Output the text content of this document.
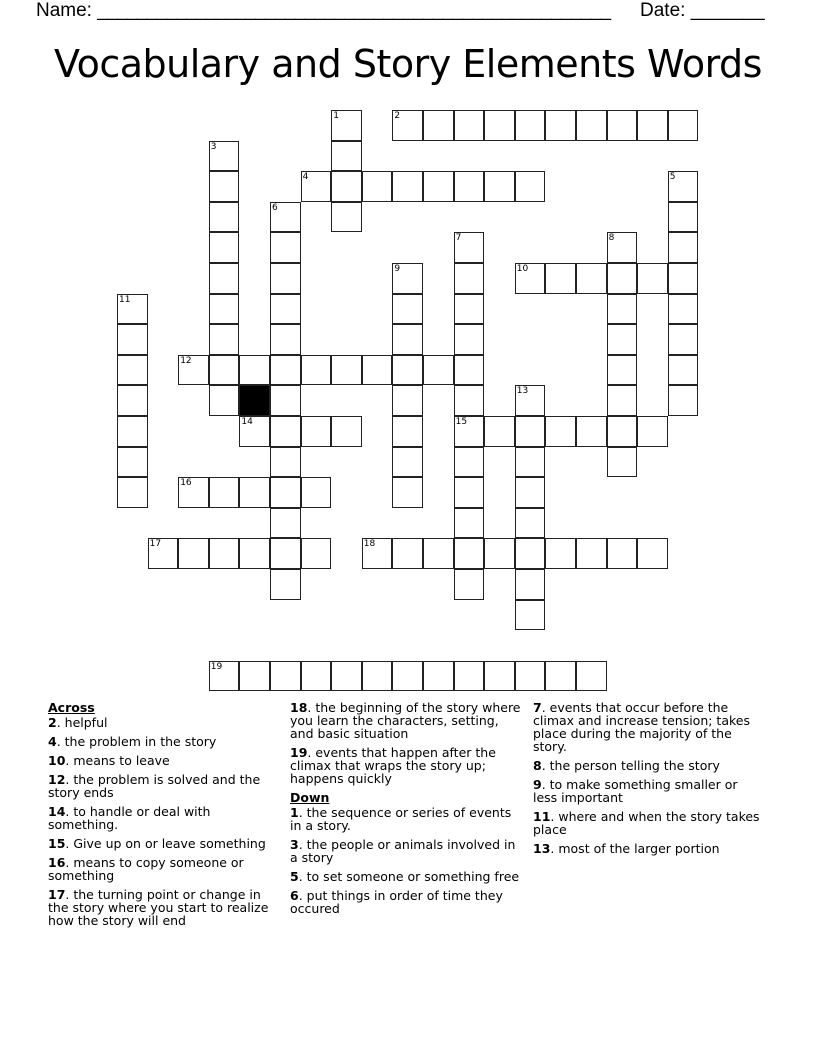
Name: ____________________________________________________ Date: _______
Vocabulary and Story Elements Words
1	2
3
4	5
6
7
15
8
9	10
11
12
13
14
16
17	18
19
Across
2. helpful
4. the problem in the story
10. means to leave
12. the problem is solved and the story ends
14. to handle or deal with something.
15. Give up on or leave something
16. means to copy someone or something
17. the turning point or change in the story where you start to realize how the story will end
18. the beginning of the story where you learn the characters, setting, and basic situation
19. events that happen after the climax that wraps the story up; happens quickly
Down
1. the sequence or series of events in a story.
3. the people or animals involved in a story
5. to set someone or something free
6. put things in order of time they occured
7. events that occur before the climax and increase tension; takes place during the majority of the story.
8. the person telling the story
9. to make something smaller or less important
11. where and when the story takes place
13. most of the larger portion
